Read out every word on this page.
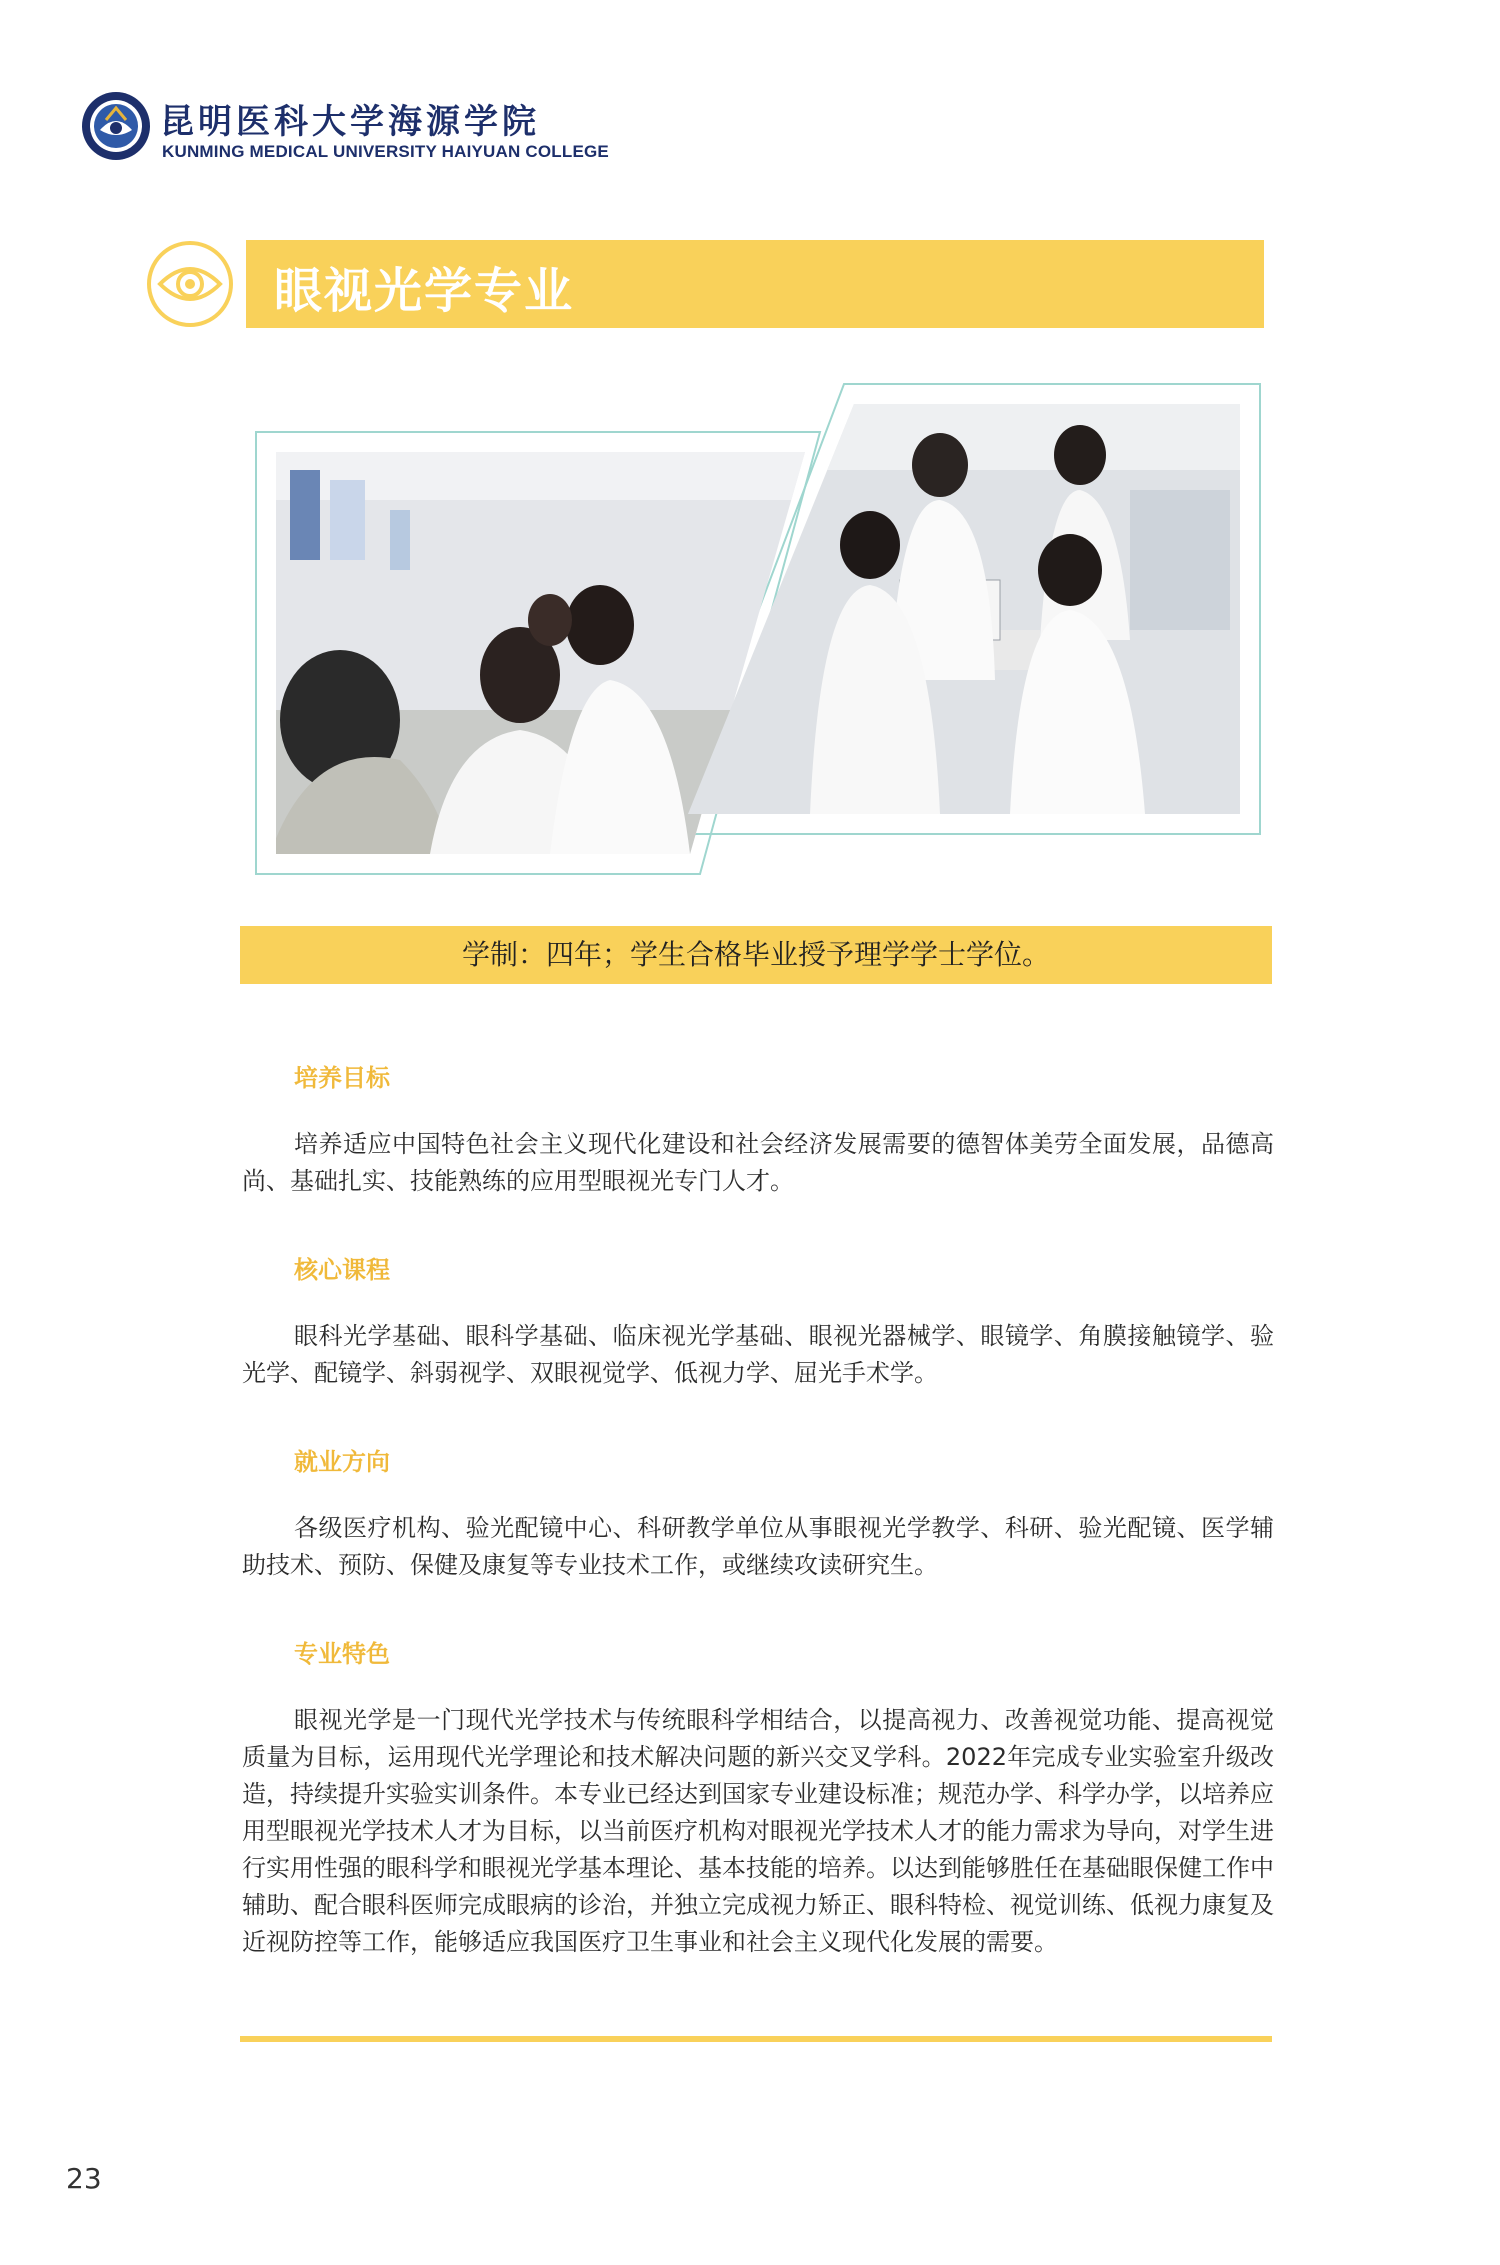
昆明医科大学海源学院
KUNMING MEDICAL UNIVERSITY HAIYUAN COLLEGE
眼视光学专业
学制：四年；学生合格毕业授予理学学士学位。
培养目标

培养适应中国特色社会主义现代化建设和社会经济发展需要的德智体美劳全面发展，品德高尚、基础扎实、技能熟练的应用型眼视光专门人才。

核心课程

眼科光学基础、眼科学基础、临床视光学基础、眼视光器械学、眼镜学、角膜接触镜学、验光学、配镜学、斜弱视学、双眼视觉学、低视力学、屈光手术学。

就业方向

各级医疗机构、验光配镜中心、科研教学单位从事眼视光学教学、科研、验光配镜、医学辅助技术、预防、保健及康复等专业技术工作，或继续攻读研究生。

专业特色

眼视光学是一门现代光学技术与传统眼科学相结合，以提高视力、改善视觉功能、提高视觉质量为目标，运用现代光学理论和技术解决问题的新兴交叉学科。2022年完成专业实验室升级改造，持续提升实验实训条件。本专业已经达到国家专业建设标准；规范办学、科学办学，以培养应用型眼视光学技术人才为目标，以当前医疗机构对眼视光学技术人才的能力需求为导向，对学生进行实用性强的眼科学和眼视光学基本理论、基本技能的培养。以达到能够胜任在基础眼保健工作中辅助、配合眼科医师完成眼病的诊治，并独立完成视力矫正、眼科特检、视觉训练、低视力康复及近视防控等工作，能够适应我国医疗卫生事业和社会主义现代化发展的需要。

23
